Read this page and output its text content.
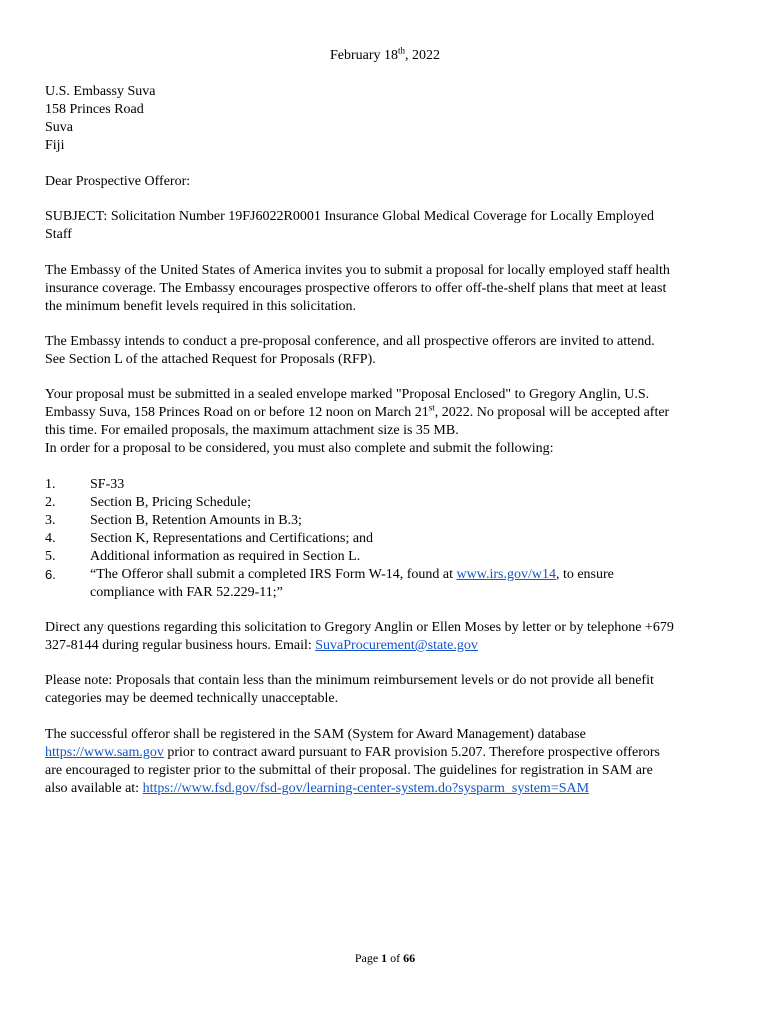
February 18th, 2022
U.S. Embassy Suva
158 Princes Road
Suva
Fiji
Dear Prospective Offeror:
SUBJECT: Solicitation Number 19FJ6022R0001 Insurance Global Medical Coverage for Locally Employed
Staff
The Embassy of the United States of America invites you to submit a proposal for locally employed staff health
insurance coverage. The Embassy encourages prospective offerors to offer off-the-shelf plans that meet at least
the minimum benefit levels required in this solicitation.
The Embassy intends to conduct a pre-proposal conference, and all prospective offerors are invited to attend.
See Section L of the attached Request for Proposals (RFP).
Your proposal must be submitted in a sealed envelope marked "Proposal Enclosed" to Gregory Anglin, U.S.
Embassy Suva, 158 Princes Road on or before 12 noon on March 21st, 2022. No proposal will be accepted after
this time. For emailed proposals, the maximum attachment size is 35 MB.
In order for a proposal to be considered, you must also complete and submit the following:
1.	SF-33
2.	Section B, Pricing Schedule;
3.	Section B, Retention Amounts in B.3;
4.	Section K, Representations and Certifications; and
5.	Additional information as required in Section L.
6.	“The Offeror shall submit a completed IRS Form W-14, found at www.irs.gov/w14, to ensure
compliance with FAR 52.229-11;”
Direct any questions regarding this solicitation to Gregory Anglin or Ellen Moses by letter or by telephone +679
327-8144 during regular business hours. Email: SuvaProcurement@state.gov
Please note: Proposals that contain less than the minimum reimbursement levels or do not provide all benefit
categories may be deemed technically unacceptable.
The successful offeror shall be registered in the SAM (System for Award Management) database
https://www.sam.gov prior to contract award pursuant to FAR provision 5.207. Therefore prospective offerors
are encouraged to register prior to the submittal of their proposal. The guidelines for registration in SAM are
also available at: https://www.fsd.gov/fsd-gov/learning-center-system.do?sysparm_system=SAM
Page 1 of 66
